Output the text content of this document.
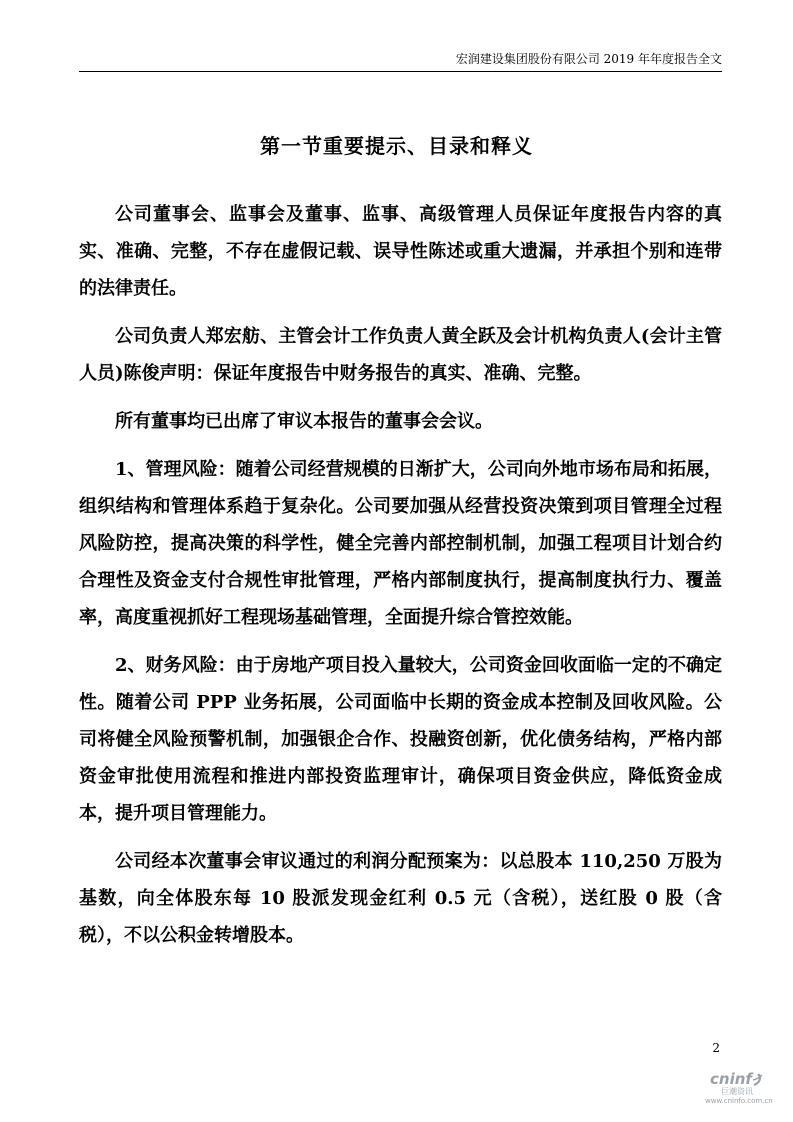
宏润建设集团股份有限公司 2019 年年度报告全文
第一节重要提示、目录和释义

公司董事会、监事会及董事、监事、高级管理人员保证年度报告内容的真实、准确、完整，不存在虚假记载、误导性陈述或重大遗漏，并承担个别和连带的法律责任。

公司负责人郑宏舫、主管会计工作负责人黄全跃及会计机构负责人(会计主管人员)陈俊声明：保证年度报告中财务报告的真实、准确、完整。

所有董事均已出席了审议本报告的董事会会议。

1、管理风险：随着公司经营规模的日渐扩大，公司向外地市场布局和拓展，组织结构和管理体系趋于复杂化。公司要加强从经营投资决策到项目管理全过程风险防控，提高决策的科学性，健全完善内部控制机制，加强工程项目计划合约合理性及资金支付合规性审批管理，严格内部制度执行，提高制度执行力、覆盖率，高度重视抓好工程现场基础管理，全面提升综合管控效能。

2、财务风险：由于房地产项目投入量较大，公司资金回收面临一定的不确定性。随着公司 PPP 业务拓展，公司面临中长期的资金成本控制及回收风险。公司将健全风险预警机制，加强银企合作、投融资创新，优化债务结构，严格内部资金审批使用流程和推进内部投资监理审计，确保项目资金供应，降低资金成本，提升项目管理能力。

公司经本次董事会审议通过的利润分配预案为：以总股本 110,250 万股为基数，向全体股东每 10 股派发现金红利 0.5 元（含税），送红股 0 股（含税），不以公积金转增股本。

2
cninf
巨潮资讯
www.cninfo.com.cn
